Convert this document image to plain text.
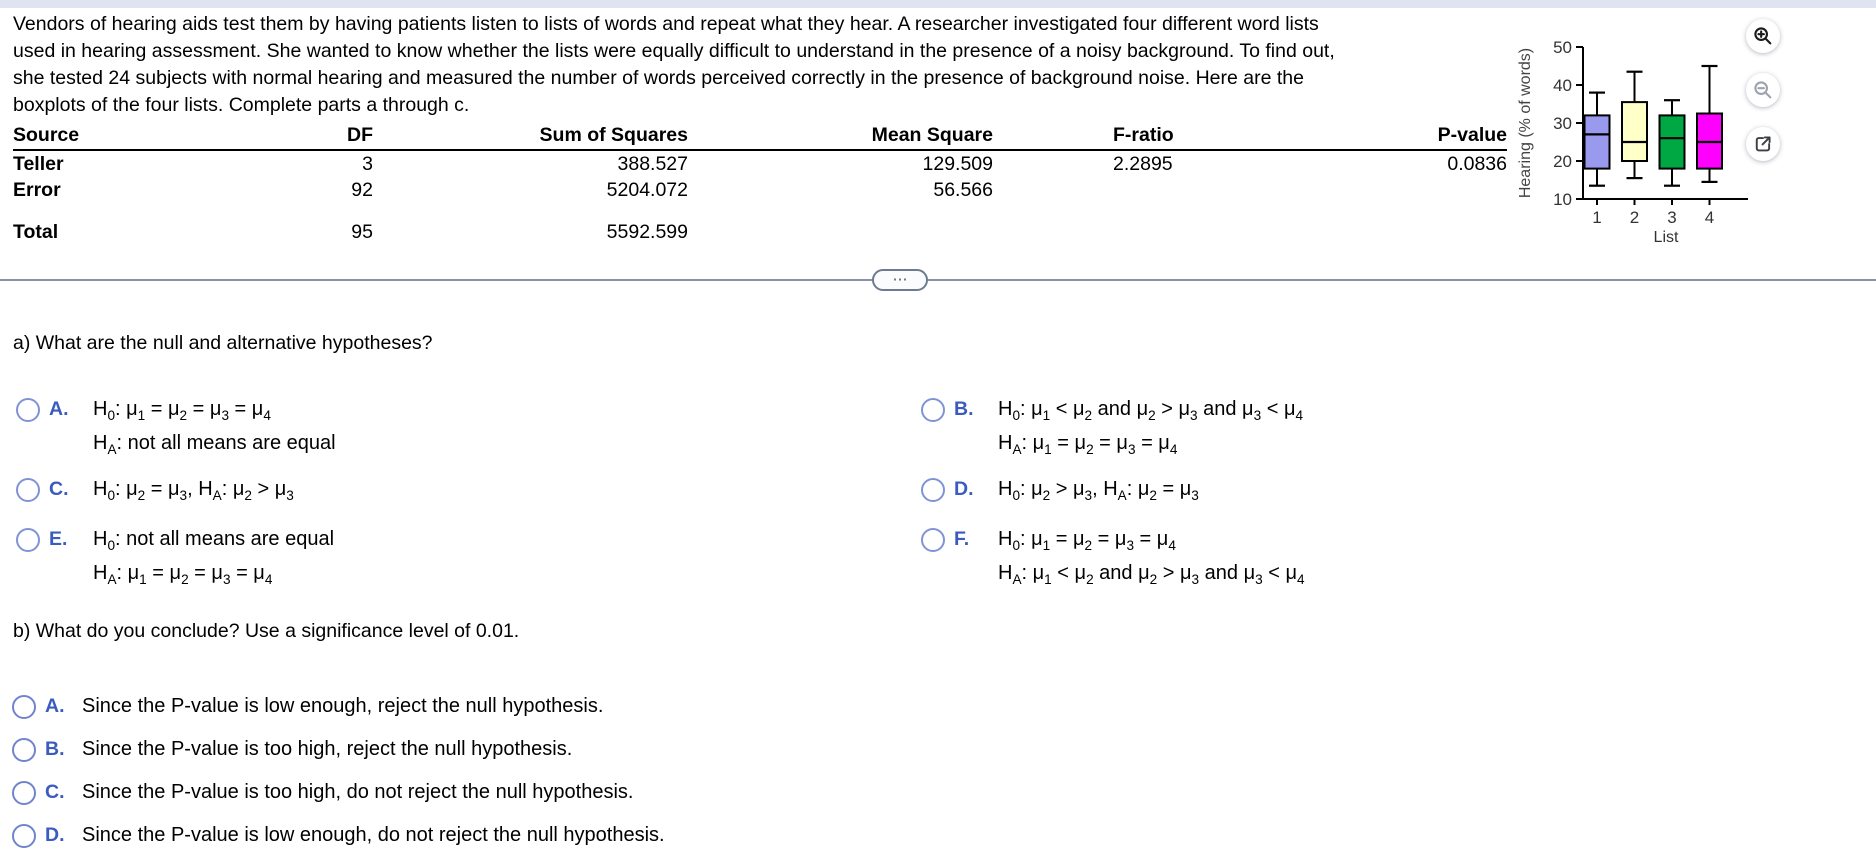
Vendors of hearing aids test them by having patients listen to lists of words and repeat what they hear. A researcher investigated four different word lists
used in hearing assessment. She wanted to know whether the lists were equally difficult to understand in the presence of a noisy background. To find out,
she tested 24 subjects with normal hearing and measured the number of words perceived correctly in the presence of background noise. Here are the
boxplots of the four lists. Complete parts a through c.
Source	DF	Sum of Squares	Mean Square	F-ratio	P-value
Teller	3	388.527	129.509	2.2895	0.0836
Error	92	5204.072	56.566
Total	95	5592.599
10
20
30
40
50
1 2 3 4
Hearing (% of words)
List
⋯
a) What are the null and alternative hypotheses?
A.	$H_0$: $\mu_1 = \mu_2 = \mu_3 = \mu_4$
$H_A$: not all means are equal
B.	$H_0$: $\mu_1 < \mu_2$ and $\mu_2 > \mu_3$ and $\mu_3 < \mu_4$
$H_A$: $\mu_1 = \mu_2 = \mu_3 = \mu_4$
C.	$H_0$: $\mu_2 = \mu_3$, $H_A$: $\mu_2 > \mu_3$	D.	$H_0$: $\mu_2 > \mu_3$, $H_A$: $\mu_2 = \mu_3$
E.	$H_0$: not all means are equal
$H_A$: $\mu_1 = \mu_2 = \mu_3 = \mu_4$
F.	$H_0$: $\mu_1 = \mu_2 = \mu_3 = \mu_4$
$H_A$: $\mu_1 < \mu_2$ and $\mu_2 > \mu_3$ and $\mu_3 < \mu_4$
b) What do you conclude? Use a significance level of 0.01.
A. Since the P-value is low enough, reject the null hypothesis.
B. Since the P-value is too high, reject the null hypothesis.
C. Since the P-value is too high, do not reject the null hypothesis.
D. Since the P-value is low enough, do not reject the null hypothesis.
